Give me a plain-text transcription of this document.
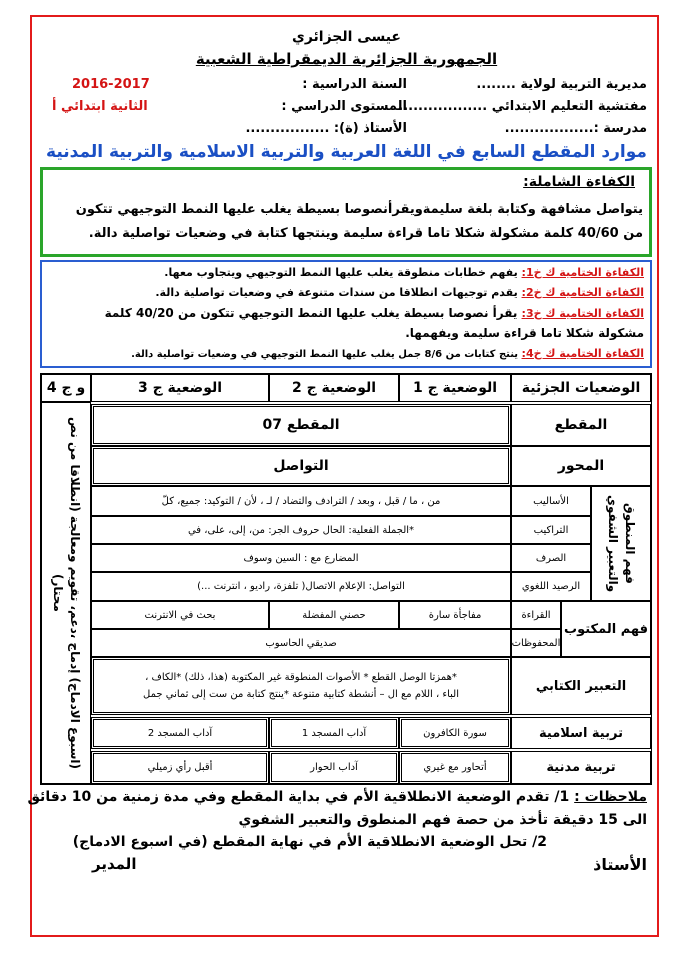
عيسى الجزائري
الجمهورية الجزائرية الديمقراطية الشعبية
مديرية التربية لولاية ........
السنة الدراسية :
2016-2017
مفتشية التعليم الابتدائي ..................
المستوى الدراسي :
الثانية ابتدائي أ
مدرسة :..................
الأستاذ (ة): .................
موارد المقطع السابع في اللغة العربية والتربية الاسلامية والتربية المدنية
الكفاءة الشاملة:
يتواصل مشافهة وكتابة بلغة سليمةويقرأنصوصا بسيطة يغلب عليها النمط التوجيهي تتكون
من 40/60 كلمة مشكولة شكلا تاما قراءة سليمة وينتجها كتابة في وضعيات تواصلية دالة.
الكفاءة الختامية ك خ1: يفهم خطابات منطوقة يغلب عليها النمط التوجيهي ويتجاوب معها.
الكفاءة الختامية ك خ2: يقدم توجيهات انطلاقا من سندات متنوعة في وضعيات تواصلية دالة.
الكفاءة الختامية ك خ3: يقرأ نصوصا بسيطة يغلب عليها النمط التوجيهي تتكون من 40/20 كلمة
مشكولة شكلا تاما قراءة سليمة ويفهمها.
الكفاءة الختامية ك خ4: ينتج كتابات من 8/6 جمل يغلب عليها النمط التوجيهي في وضعيات تواصلية دالة.
الوضعيات الجزئية
الوضعية ج 1
الوضعية ج 2
الوضعية ج 3
و ج 4
المقطع
المقطع 07
المحور
التواصل
فهم المنطوق والتعبير الشفوي
الأساليب
من ، ما / قبل ، وبعد / الترادف والتضاد / لـ ، لأن / التوكيد: جميع، كلّ
التراكيب
*الجملة الفعلية: الحال حروف الجر: من، إلى، على، في
الصرف
المضارع مع : السين وسوف
الرصيد اللغوي
التواصل: الإعلام الاتصال( تلفزة، راديو ، انترنت ...)
فهم المكتوب
القراءة
مفاجأة سارة
حصني المفضلة
بحث في الانترنت
المحفوظات
صديقي الحاسوب
التعبير الكتابي
*همزتا الوصل القطع * الأصوات المنطوقة غير المكتوبة (هذا، ذلك) *الكاف ،
الباء ، اللام مع ال – أنشطة كتابية متنوعة *ينتج كتابة من ست إلى ثماني جمل
تربية اسلامية
سورة الكافرون
آداب المسجد 1
آداب المسجد 2
تربية مدنية
أتحاور مع غيري
آداب الحوار
أقبل رأي زميلي
(اسبوع الادماج) إدماج ،دعم، تقويم ومعالجة (انطلاقا من نص محتار)
ملاحظات : 1/ تقدم الوضعية الانطلاقية الأم في بداية المقطع وفي مدة زمنية من 10 دقائق
الى 15 دقيقة تأخذ من حصة فهم المنطوق والتعبير الشفوي
2/ تحل الوضعية الانطلاقية الأم في نهاية المقطع (في اسبوع الادماج)
الأستاذ
المدير
